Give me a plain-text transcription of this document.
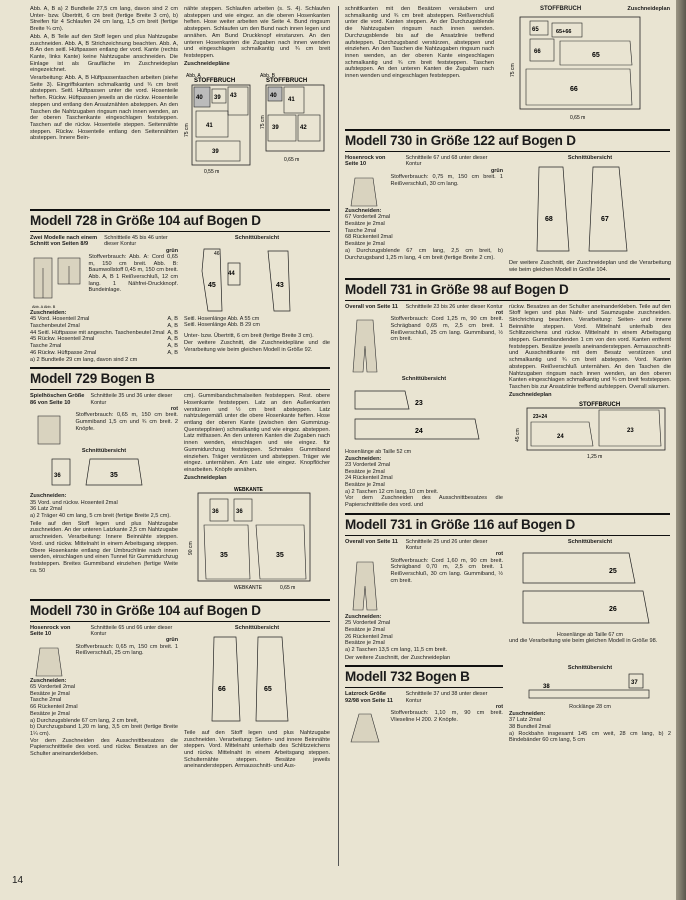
Abb. A, B a) 2 Bundteile 27,5 cm lang, davon sind 2 cm Unter- bzw. Übertritt, 6 cm breit (fertige Breite 3 cm), b) Streifen für 4 Schlaufen 24 cm lang, 1,5 cm breit (fertige Breite ¾ cm).

Abb. A, B Teile auf den Stoff legen und plus Nahtzugabe zuschneiden. Abb. A, B Strichzeichnung beachten. Abb. A, B An den seitl. Hüftpassen entlang der vord. Kante (rechts Kante, links Kante) keine Nahtzugabe anschneiden. Die Einlage ist als Graufläche im Zuschneideplan eingezeichnet.

Verarbeitung: Abb. A, B Hüftpassentaschen arbeiten (siehe Seite 3). Eingriffskanten schmalkantig und ¾ cm breit absteppen. Seitl. Hüftpassen unter die vord. Hosenteile heften. Rückw. Hüftpassen jeweils an die rückw. Hosenteile steppen und entlang den Ansatznähten absteppen. An den Taschen die Nahtzugaben ringsum nach innen wenden, an der oberen Taschenkante eingeschlagen feststeppen. Taschen auf die rückw. Hosenteile steppen. Seitennähte steppen. Rückw. Hosenteile entlang den Seitennähten absteppen. Innere Bein-

nähte steppen. Schlaufen arbeiten (s. S. 4). Schlaufen absteppen und wie eingez. an die oberen Hosenkanten heften. Hose weiter arbeiten wie Seite 4. Bund ringsum absteppen. Schlaufen um den Bund nach innen legen und annähen. Am Bund Druckknopf einstanzen. An den unteren Hosenkanten die Zugaben nach innen wenden und eingeschlagen schmalkantig und ¾ cm breit feststeppen.

Zuschneidepläne
Abb. A	Abb. B
STOFFBRUCH	STOFFBRUCH
39
40	43
41
39
40
41
39	42
75 cm
75 cm
0,55 m
0,65 m
Modell 728 in Größe 104 auf Bogen D
Zwei Modelle nach einem Schnitt von Seiten 8/9
Schnittteile 45 bis 46 unter dieser Kontur
grün
Abb. A Abb. B

Stoffverbrauch: Abb. A: Cord 0,65 m, 150 cm breit. Abb. B: Baumwollstoff 0,45 m, 150 cm breit. Abb. A, B 1 Reißverschluß, 12 cm lang. 1 Nähfrei-Druckknopf. Bundeinlage.

Zuschneiden:
45 Vord. Hosenteil 2mal	A, B
Taschenbeutel 2mal	A, B
44 Seitl. Hüftpasse mit angeschn. Taschenbeutel 2mal A, B
45 Rückw. Hosenteil 2mal	A, B
Tasche 2mal	A, B
46 Rückw. Hüftpasse 2mal	A, B

a) 2 Bundteile 29 cm lang, davon sind 2 cm

Schnittübersicht
45
46
44
43
Seitl. Hosenlänge Abb. A 55 cm
Seitl. Hosenlänge Abb. B 29 cm

Unter- bzw. Übertritt, 6 cm breit (fertige Breite 3 cm).

Der weitere Zuschnitt, die Zuschneidepläne und die Verarbeitung wie beim gleichen Modell in Größe 92.

Modell 729 Bogen B
Spielhöschen Größe 86 von Seite 10
Schnittteile 35 und 36 unter dieser Kontur
rot

Stoffverbrauch: 0,65 m, 150 cm breit. Gummiband 1,5 cm und ¾ cm breit. 2 Knöpfe.

Schnittübersicht
36	35
Zuschneiden:

35 Vord. und rückw. Hosenteil 2mal
36 Latz 2mal
a) 2 Träger 40 cm lang, 5 cm breit (fertige Breite 2,5 cm).

Teile auf den Stoff legen und plus Nahtzugabe zuschneiden. An der unteren Latzkante 2,5 cm Nahtzugabe anschneiden. Verarbeitung: Innere Beinnähte steppen. Vord. und rückw. Mittelnaht in einem Arbeitsgang steppen. Obere Hosenkante entlang der Umbruchlinie nach innen wenden, einschlagen und einen Tunnel für Gummidurchzug feststeppen. Breites Gummiband einziehen (fertige Weite ca. 50

cm). Gummibandschmalseiten feststeppen. Rest. obere Hosenkante feststeppen. Latz an den Außenkanten verstürzen und ½ cm breit absteppen. Latz nahtzulegemäß unter die obere Hosenkante heften. Hose entlang der oberen Kante (zwischen den Gummizug-Querstepplinien) schmalkantig und wie eingez. absteppen. Latz mitfassen. An den unteren Kanten die Zugaben nach innen wenden, einschlagen und wie eingez. für Gummidurchzug feststeppen. Schmales Gummiband einziehen. Träger verstürzen und absteppen. Träger wie eingez. unternähen. Am Latz wie eingez. Knopflöcher einarbeiten. Knöpfe annähen.

Zuschneideplan
WEBKANTE
36	36
35	35
90 cm
WEBKANTE	0,65 m
Modell 730 in Größe 104 auf Bogen D
Hosenrock von Seite 10
Schnittteile 65 und 66 unter dieser Kontur
grün

Stoffverbrauch: 0,65 m, 150 cm breit. 1 Reißverschluß, 25 cm lang.

Zuschneiden:

65 Vorderteil 2mal
Besätze je 2mal
Tasche 2mal
66 Rückenteil 2mal
Besätze je 2mal
a) Durchzugsblende 67 cm lang, 2 cm breit,
b) Durchzugsband 1,20 m lang, 3,5 cm breit (fertige Breite 1¼ cm).
Vor dem Zuschneiden des Ausschnittbesatzes die Papierschnittteile des vord. und rückw. Besatzes an der Schulter aneinanderkleben.

Schnittübersicht
66	65

Teile auf den Stoff legen und plus Nahtzugabe zuschneiden. Verarbeitung: Seiten- und innere Beinnähte steppen. Vord. Mittelnaht unterhalb des Schlitzzeichens und rückw. Mittelnaht in einem Arbeitsgang steppen. Schulternähte steppen. Besätze jeweils aneinandersteppen. Armausschnitt- und Aus-

schnittkanten mit den Besätzen versäubern und schmalkantig und ¾ cm breit absteppen. Reißverschluß unter die vord. Kanten steppen. An der Durchzugsblende die Nahtzugaben ringsum nach innen wenden. Durchzugsblende bis auf die Ansatzlinie treffend aufsteppen. Durchzugsband verstürzen, absteppen und einziehen. An den Taschen die Nahtzugaben ringsum nach innen wenden, an der oberen Kante eingeschlagen schmalkantig und ¾ cm breit feststeppen. Taschen aufsteppen. An den unteren Kanten die Zugaben nach innen wenden und eingeschlagen feststeppen.

STOFFBRUCH	Zuschneideplan
65	65+66
66	65
66
75 cm
0,65 m
Modell 730 in Größe 122 auf Bogen D
Hosenrock von Seite 10
Schnittteile 67 und 68 unter dieser Kontur
grün

Stoffverbrauch: 0,75 m, 150 cm breit. 1 Reißverschluß, 30 cm lang.

Zuschneiden:

67 Vorderteil 2mal
Besätze je 2mal
Tasche 2mal
68 Rückenteil 2mal
Besätze je 2mal
a) Durchzugsblende 67 cm lang, 2,5 cm breit, b) Durchzugsband 1,25 m lang, 4 cm breit (fertige Breite 2 cm).

Schnittübersicht
68	67

Der weitere Zuschnitt, der Zuschneideplan und die Verarbeitung wie beim gleichen Modell in Größe 104.

Modell 731 in Größe 98 auf Bogen D
Overall von Seite 11	Schnittteile 23 bis 26 unter dieser Kontur
rot

Stoffverbrauch: Cord 1,25 m, 90 cm breit. Schrägband 0,65 m, 2,5 cm breit. 1 Reißverschluß, 25 cm lang. Gummiband, ½ cm breit.

Schnittübersicht
23
24
Hosenlänge ab Taille 52 cm
Zuschneiden:

23 Vorderteil 2mal
Besätze je 2mal
24 Rückenteil 2mal
Besätze je 2mal
a) 2 Taschen 12 cm lang, 10 cm breit.
Vor dem Zuschneiden des Ausschnittbesatzes die Papierschnittteile des vord. und

rückw. Besatzes an der Schulter aneinanderkleben. Teile auf den Stoff legen und plus Naht- und Saumzugabe zuschneiden. Strichrichtung beachten. Verarbeitung: Seiten- und innere Beinnähte steppen. Vord. Mittelnaht unterhalb des Schlitzzeichens und rückw. Mittelnaht in einem Arbeitsgang steppen. Gummibandenden 1 cm von den vord. Kanten entfernt feststeppen. Besätze jeweils aneinandersteppen. Armausschnitt- und Ausschnittkante mit dem Besatz verstürzen und schmalkantig und ¾ cm breit absteppen. Vord. Kanten absteppen. Reißverschluß unternähen. An den Taschen die Nahtzugaben ringsum nach innen wenden, an den oberen Kanten eingeschlagen schmalkantig und ¾ cm breit feststeppen. Taschen bis zur Ansatzlinie treffend aufsteppen. Overall säumen.

Zuschneideplan
STOFFBRUCH
23+24
24
23
45 cm
1,25 m
Modell 731 in Größe 116 auf Bogen D
Overall von Seite 11	Schnittteile 25 und 26 unter dieser Kontur
rot

Stoffverbrauch: Cord 1,60 m, 90 cm breit. Schrägband 0,70 m, 2,5 cm breit. 1 Reißverschluß, 30 cm lang. Gummiband, ½ cm breit.

Zuschneiden:

25 Vorderteil 2mal
Besätze je 2mal
26 Rückenteil 2mal
Besätze je 2mal
a) 2 Taschen 13,5 cm lang, 11,5 cm breit.

Der weitere Zuschnitt, der Zuschneideplan

Schnittübersicht
25
26
Hosenlänge ab Taille 67 cm

und die Verarbeitung wie beim gleichen Modell in Größe 98.

Modell 732 Bogen B
Latzrock Größe 92/98 von Seite 11
Schnittteile 37 und 38 unter dieser Kontur
rot

Stoffverbrauch: 1,10 m, 90 cm breit. Vlieseline H 200. 2 Knöpfe.

Schnittübersicht
37
38
Rocklänge 28 cm
Zuschneiden:

37 Latz 2mal
38 Bundteil 2mal
a) Rockbahn insgesamt 145 cm weit, 28 cm lang, b) 2 Bindebänder 60 cm lang, 5 cm

14
